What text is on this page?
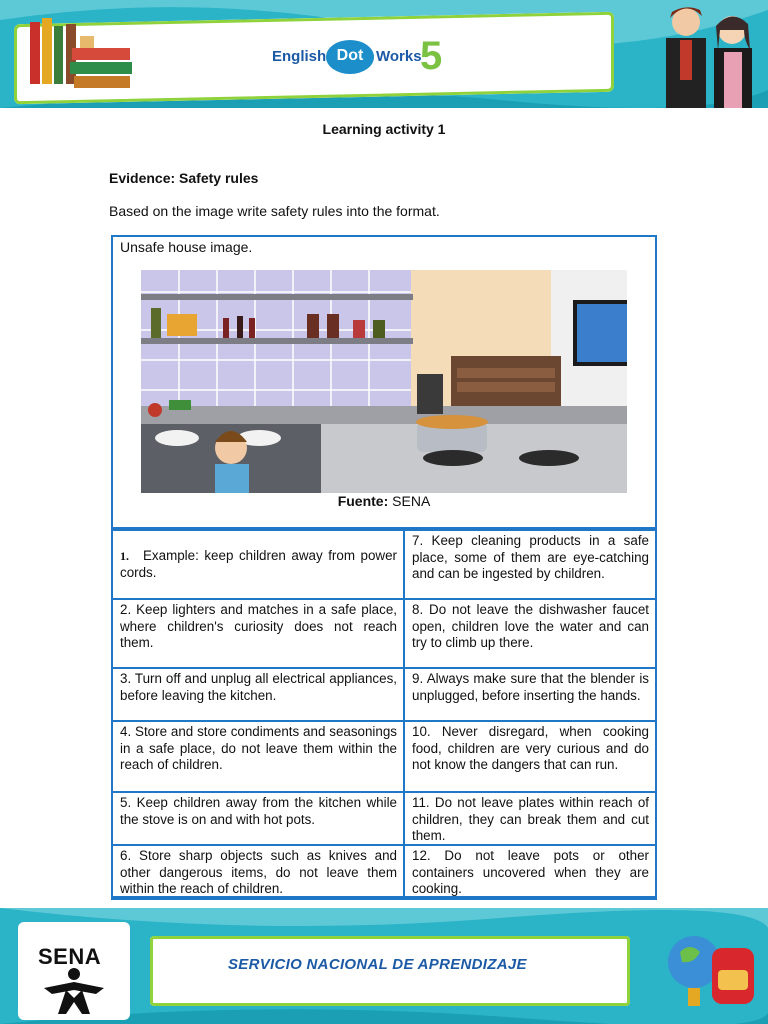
English Dot Works
5
Learning activity 1
Evidence: Safety rules
Based on the image write safety rules into the format.
Unsafe house image.
Fuente: SENA
1. Example: keep children away from power cords.
7. Keep cleaning products in a safe place, some of them are eye-catching and can be ingested by children.
2. Keep lighters and matches in a safe place, where children's curiosity does not reach them.
8. Do not leave the dishwasher faucet open, children love the water and can try to climb up there.
3. Turn off and unplug all electrical appliances, before leaving the kitchen.
9. Always make sure that the blender is unplugged, before inserting the hands.
4. Store and store condiments and seasonings in a safe place, do not leave them within the reach of children.
10. Never disregard, when cooking food, children are very curious and do not know the dangers that can run.
5. Keep children away from the kitchen while the stove is on and with hot pots.
11. Do not leave plates within reach of children, they can break them and cut them.
6. Store sharp objects such as knives and other dangerous items, do not leave them within the reach of children.
12. Do not leave pots or other containers uncovered when they are cooking.
SENA	SERVICIO NACIONAL DE APRENDIZAJE
